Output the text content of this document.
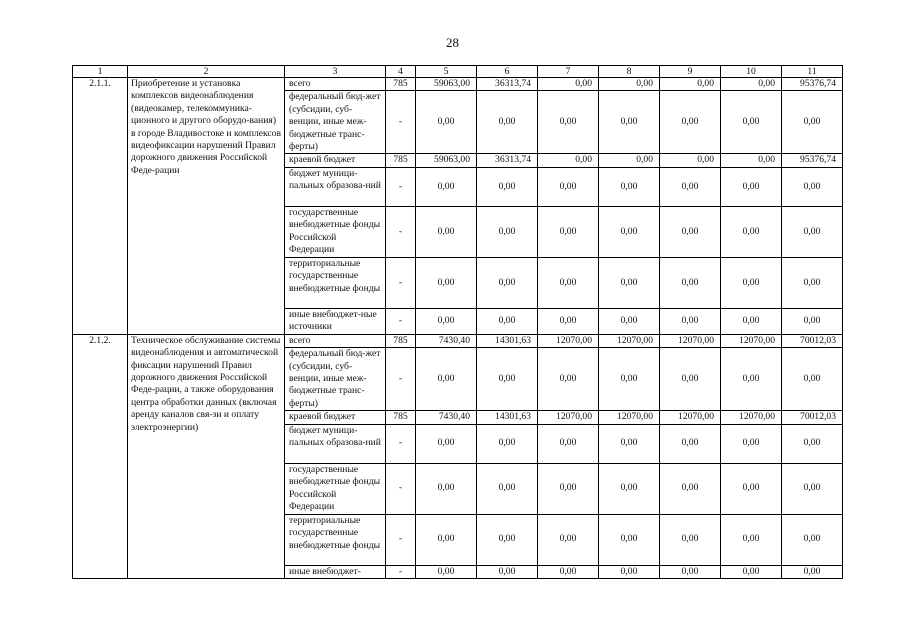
28
1	2	3	4	5	6	7	8	9	10	11
2.1.1.	Приобретение и установка комплексов видеонаблюдения (видеокамер, телекоммуника-ционного и другого оборудо-вания) в городе Владивостоке и комплексов видеофиксации нарушений Правил дорожного движения Российской Феде-рации	всего	785	59063,00	36313,74	0,00	0,00	0,00	0,00	95376,74
		федеральный бюд-жет (субсидии, суб-венции, иные меж-бюджетные транс-ферты)	-	0,00	0,00	0,00	0,00	0,00	0,00	0,00
		краевой бюджет	785	59063,00	36313,74	0,00	0,00	0,00	0,00	95376,74
		бюджет муници-пальных образова-ний	-	0,00	0,00	0,00	0,00	0,00	0,00	0,00
		государственные внебюджетные фонды Российской Федерации	-	0,00	0,00	0,00	0,00	0,00	0,00	0,00
		территориальные государственные внебюджетные фонды	-	0,00	0,00	0,00	0,00	0,00	0,00	0,00
		иные внебюджет-ные источники	-	0,00	0,00	0,00	0,00	0,00	0,00	0,00
2.1.2.	Техническое обслуживание системы видеонаблюдения и автоматической фиксации нарушений Правил дорожного движения Российской Феде-рации, а также оборудования центра обработки данных (включая аренду каналов свя-зи и оплату электроэнергии)	всего	785	7430,40	14301,63	12070,00	12070,00	12070,00	12070,00	70012,03
		федеральный бюд-жет (субсидии, суб-венции, иные меж-бюджетные транс-ферты)	-	0,00	0,00	0,00	0,00	0,00	0,00	0,00
		краевой бюджет	785	7430,40	14301,63	12070,00	12070,00	12070,00	12070,00	70012,03
		бюджет муници-пальных образова-ний	-	0,00	0,00	0,00	0,00	0,00	0,00	0,00
		государственные внебюджетные фонды Российской Федерации	-	0,00	0,00	0,00	0,00	0,00	0,00	0,00
		территориальные государственные внебюджетные фонды	-	0,00	0,00	0,00	0,00	0,00	0,00	0,00
		иные внебюджет-	-	0,00	0,00	0,00	0,00	0,00	0,00	0,00
